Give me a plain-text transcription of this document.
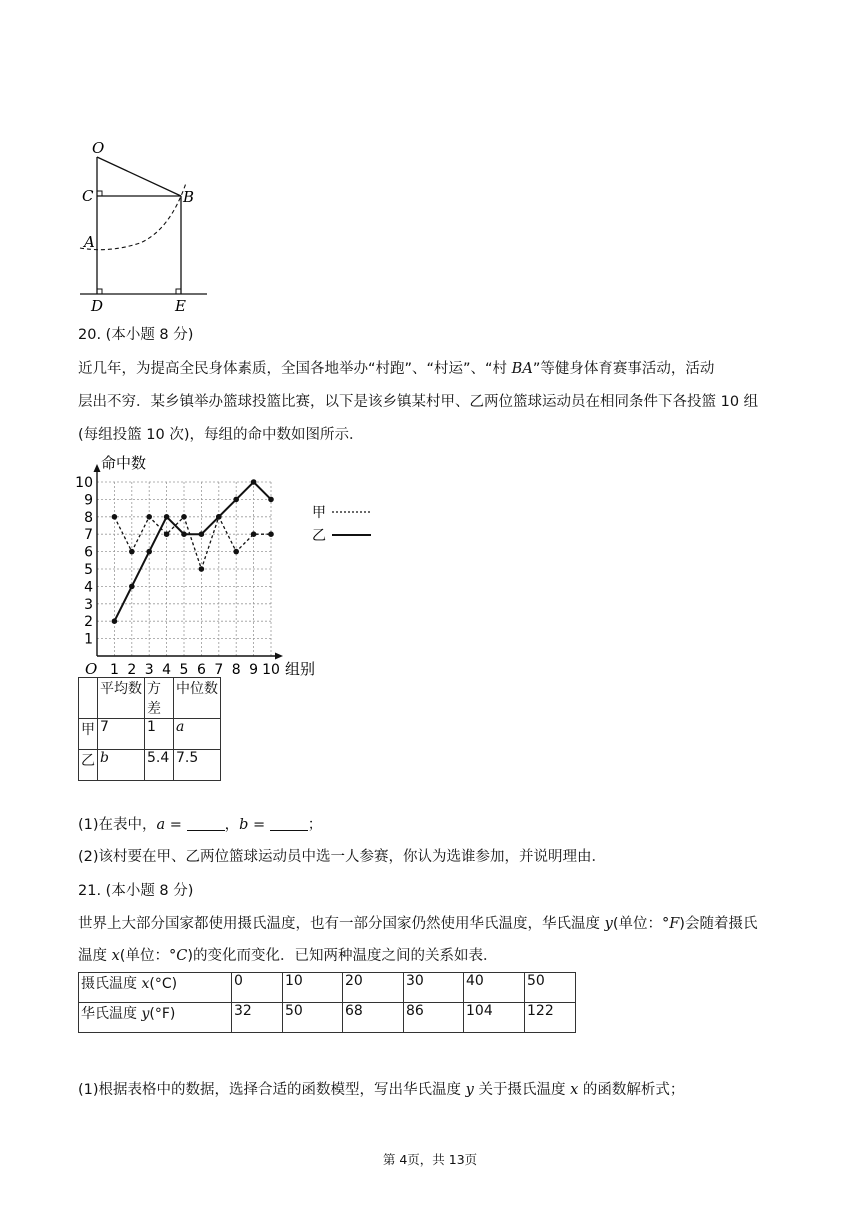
O
C	B
A
D	E
20. (本小题 8 分)
近几年，为提高全民身体素质，全国各地举办“村跑”、“村运”、“村 BA”等健身体育赛事活动，活动
层出不穷．某乡镇举办篮球投篮比赛，以下是该乡镇某村甲、乙两位篮球运动员在相同条件下各投篮 10 组
(每组投篮 10 次)，每组的命中数如图所示．
1 2 3 4 5 6 7 8 9 10
1
2
3
4
5
6
7
8
9
10
甲
乙
命中数
组别
O
	平均数	方差	中位数
甲	7	1	a
乙	b	5.4	7.5
(1)在表中，a =	，b =	；
(2)该村要在甲、乙两位篮球运动员中选一人参赛，你认为选谁参加，并说明理由．
21. (本小题 8 分)
世界上大部分国家都使用摄氏温度，也有一部分国家仍然使用华氏温度，华氏温度 y(单位：°F)会随着摄氏
温度 x(单位：°C)的变化而变化．已知两种温度之间的关系如表．
摄氏温度 x(°C)	0	10	20	30	40	50
华氏温度 y(°F)	32	50	68	86	104	122
(1)根据表格中的数据，选择合适的函数模型，写出华氏温度 y 关于摄氏温度 x 的函数解析式；
第 4页，共 13页
